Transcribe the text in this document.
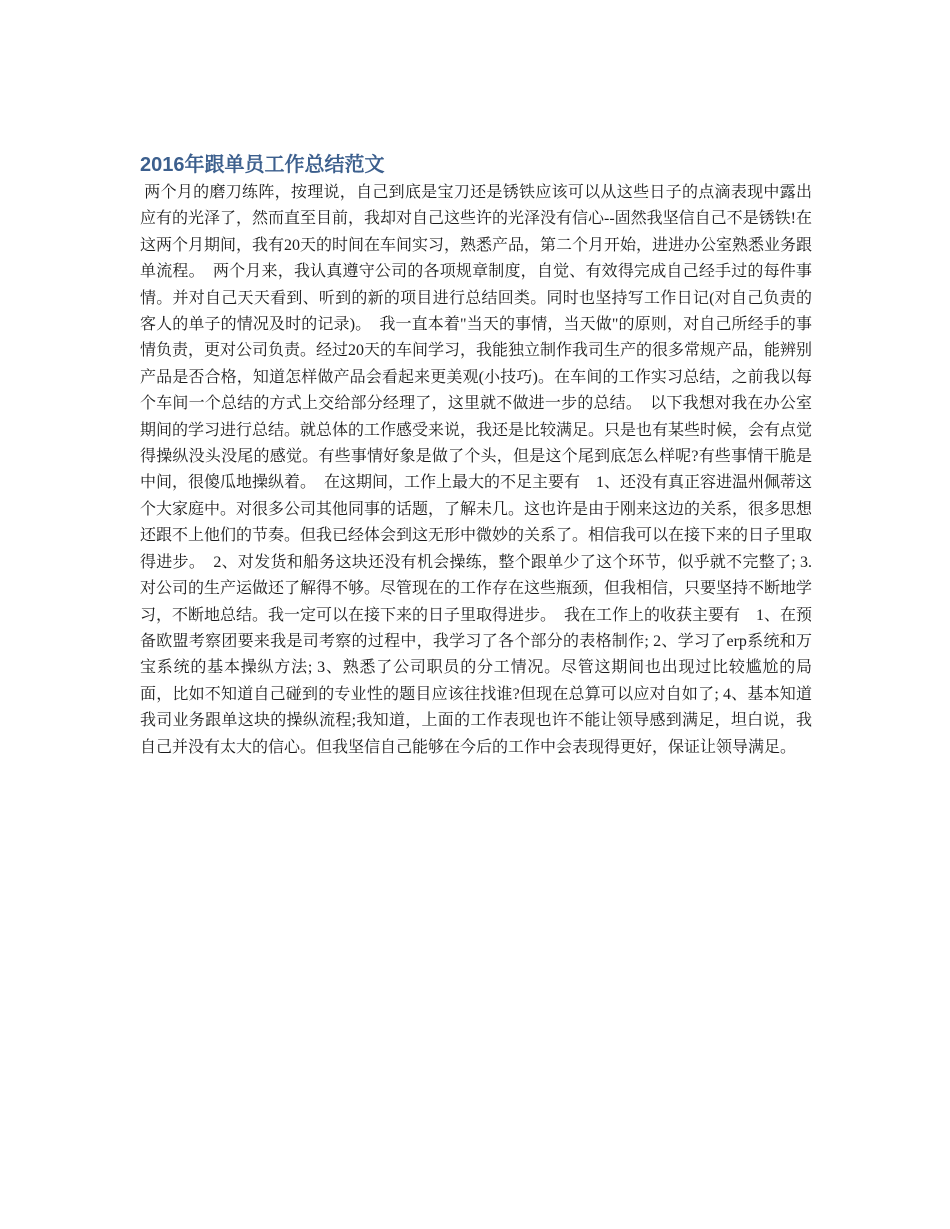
2016年跟单员工作总结范文

两个月的磨刀练阵，按理说，自己到底是宝刀还是锈铁应该可以从这些日子的点滴表现中露出应有的光泽了，然而直至目前，我却对自己这些许的光泽没有信心--固然我坚信自己不是锈铁!在这两个月期间，我有20天的时间在车间实习，熟悉产品，第二个月开始，进进办公室熟悉业务跟单流程。　两个月来，我认真遵守公司的各项规章制度，自觉、有效得完成自己经手过的每件事情。并对自己天天看到、听到的新的项目进行总结回类。同时也坚持写工作日记(对自己负责的客人的单子的情况及时的记录)。　我一直本着"当天的事情，当天做"的原则，对自己所经手的事情负责，更对公司负责。经过20天的车间学习，我能独立制作我司生产的很多常规产品，能辨别产品是否合格，知道怎样做产品会看起来更美观(小技巧)。在车间的工作实习总结，之前我以每个车间一个总结的方式上交给部分经理了，这里就不做进一步的总结。　以下我想对我在办公室期间的学习进行总结。就总体的工作感受来说，我还是比较满足。只是也有某些时候，会有点觉得操纵没头没尾的感觉。有些事情好象是做了个头，但是这个尾到底怎么样呢?有些事情干脆是中间，很傻瓜地操纵着。　在这期间，工作上最大的不足主要有　1、还没有真正容进温州佩蒂这个大家庭中。对很多公司其他同事的话题，了解未几。这也许是由于刚来这边的关系，很多思想还跟不上他们的节奏。但我已经体会到这无形中微妙的关系了。相信我可以在接下来的日子里取得进步。　2、对发货和船务这块还没有机会操练，整个跟单少了这个环节，似乎就不完整了; 3.对公司的生产运做还了解得不够。尽管现在的工作存在这些瓶颈，但我相信，只要坚持不断地学习，不断地总结。我一定可以在接下来的日子里取得进步。　我在工作上的收获主要有　1、在预备欧盟考察团要来我是司考察的过程中，我学习了各个部分的表格制作; 2、学习了erp系统和万宝系统的基本操纵方法; 3、熟悉了公司职员的分工情况。尽管这期间也出现过比较尴尬的局面，比如不知道自己碰到的专业性的题目应该往找谁?但现在总算可以应对自如了; 4、基本知道我司业务跟单这块的操纵流程;我知道，上面的工作表现也许不能让领导感到满足，坦白说，我自己并没有太大的信心。但我坚信自己能够在今后的工作中会表现得更好，保证让领导满足。
